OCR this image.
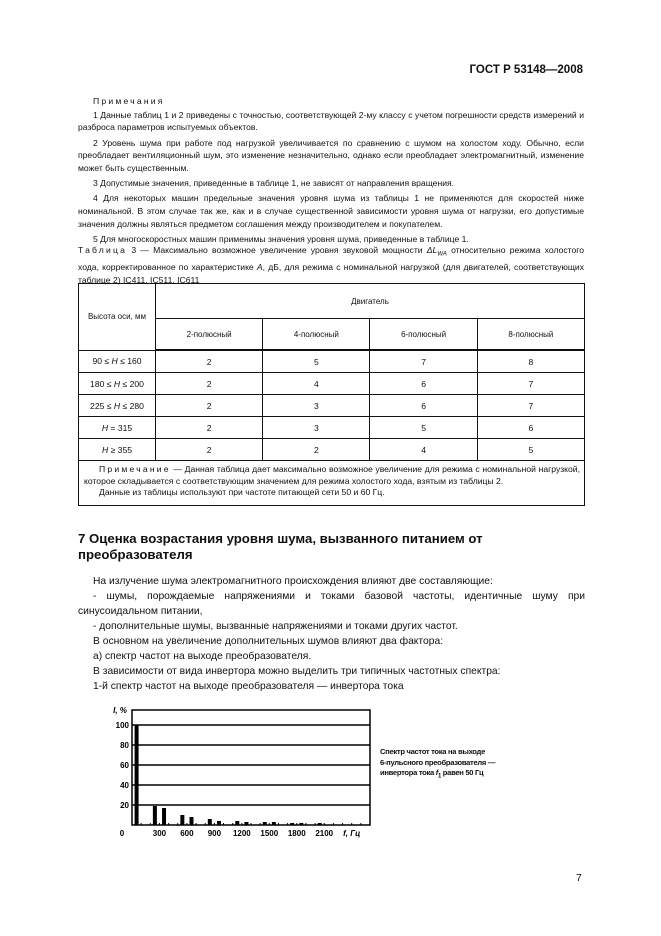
ГОСТ Р 53148—2008

Примечания

1 Данные таблиц 1 и 2 приведены с точностью, соответствующей 2-му классу с учетом погрешности средств измерений и разброса параметров испытуемых объектов.

2 Уровень шума при работе под нагрузкой увеличивается по сравнению с шумом на холостом ходу. Обычно, если преобладает вентиляционный шум, это изменение незначительно, однако если преобладает электромагнитный, изменение может быть существенным.

3 Допустимые значения, приведенные в таблице 1, не зависят от направления вращения.

4 Для некоторых машин предельные значения уровня шума из таблицы 1 не применяются для скоростей ниже номинальной. В этом случае так же, как и в случае существенной зависимости уровня шума от нагрузки, его допустимые значения должны являться предметом соглашения между производителем и покупателем.

5 Для многоскоростных машин применимы значения уровня шума, приведенные в таблице 1.

Таблица 3 — Максимально возможное увеличение уровня звуковой мощности $\Delta L_{WA}$ относительно режима холостого хода, корректированное по характеристике A, дБ, для режима с номинальной нагрузкой (для двигателей, соответствующих таблице 2) IC411, IC511, IC611
Высота оси, мм	Двигатель			
	2-полюсный	4-полюсный	6-полюсный	8-полюсный
90 ≤ H ≤ 160	2	5	7	8
180 ≤ H ≤ 200	2	4	6	7
225 ≤ H ≤ 280	2	3	6	7
H = 315	2	3	5	6
H ≥ 355	2	2	4	5

Примечание — Данная таблица дает максимально возможное увеличение для режима с номинальной нагрузкой, которое складывается с соответствующим значением для режима холостого хода, взятым из таблицы 2.

Данные из таблицы используют при частоте питающей сети 50 и 60 Гц.				

7 Оценка возрастания уровня шума, вызванного питанием от преобразователя

На излучение шума электромагнитного происхождения влияют две составляющие:

- шумы, порождаемые напряжениями и токами базовой частоты, идентичные шуму при синусоидальном питании,

- дополнительные шумы, вызванные напряжениями и токами других частот.

В основном на увеличение дополнительных шумов влияют два фактора:

а) спектр частот на выходе преобразователя.

В зависимости от вида инвертора можно выделить три типичных частотных спектра:

1-й спектр частот на выходе преобразователя — инвертора тока

20
40
60
80
100
0	300 600 900 1200 1500 1800 2100 f, Гц
I, %
Спектр частот тока на выходе
6-пульсного преобразователя —
инвертора тока $f_1$ равен 50 Гц
7
